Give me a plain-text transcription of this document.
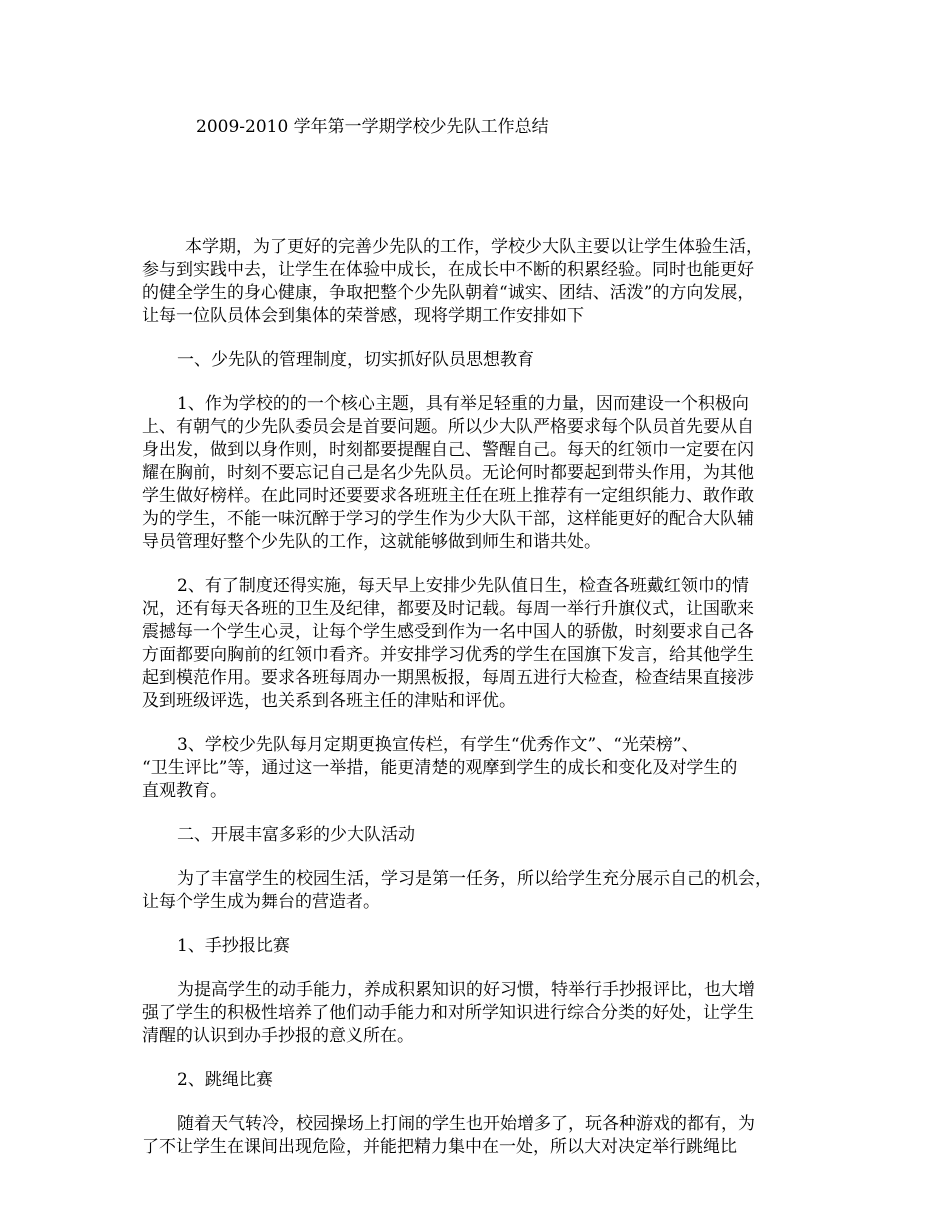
2009-2010 学年第一学期学校少先队工作总结
本学期，为了更好的完善少先队的工作，学校少大队主要以让学生体验生活，
参与到实践中去，让学生在体验中成长，在成长中不断的积累经验。同时也能更好
的健全学生的身心健康，争取把整个少先队朝着“诚实、团结、活泼”的方向发展，
让每一位队员体会到集体的荣誉感，现将学期工作安排如下
一、少先队的管理制度，切实抓好队员思想教育
1、作为学校的的一个核心主题，具有举足轻重的力量，因而建设一个积极向
上、有朝气的少先队委员会是首要问题。所以少大队严格要求每个队员首先要从自
身出发，做到以身作则，时刻都要提醒自己、警醒自己。每天的红领巾一定要在闪
耀在胸前，时刻不要忘记自己是名少先队员。无论何时都要起到带头作用，为其他
学生做好榜样。在此同时还要要求各班班主任在班上推荐有一定组织能力、敢作敢
为的学生，不能一味沉醉于学习的学生作为少大队干部，这样能更好的配合大队辅
导员管理好整个少先队的工作，这就能够做到师生和谐共处。
2、有了制度还得实施，每天早上安排少先队值日生，检查各班戴红领巾的情
况，还有每天各班的卫生及纪律，都要及时记载。每周一举行升旗仪式，让国歌来
震撼每一个学生心灵，让每个学生感受到作为一名中国人的骄傲，时刻要求自己各
方面都要向胸前的红领巾看齐。并安排学习优秀的学生在国旗下发言，给其他学生
起到模范作用。要求各班每周办一期黑板报，每周五进行大检查，检查结果直接涉
及到班级评选，也关系到各班主任的津贴和评优。
3、学校少先队每月定期更换宣传栏，有学生“优秀作文”、“光荣榜”、
“卫生评比”等，通过这一举措，能更清楚的观摩到学生的成长和变化及对学生的
直观教育。
二、开展丰富多彩的少大队活动
为了丰富学生的校园生活，学习是第一任务，所以给学生充分展示自己的机会，
让每个学生成为舞台的营造者。
1、手抄报比赛
为提高学生的动手能力，养成积累知识的好习惯，特举行手抄报评比，也大增
强了学生的积极性培养了他们动手能力和对所学知识进行综合分类的好处，让学生
清醒的认识到办手抄报的意义所在。
2、跳绳比赛
随着天气转冷，校园操场上打闹的学生也开始增多了，玩各种游戏的都有，为
了不让学生在课间出现危险，并能把精力集中在一处，所以大对决定举行跳绳比
